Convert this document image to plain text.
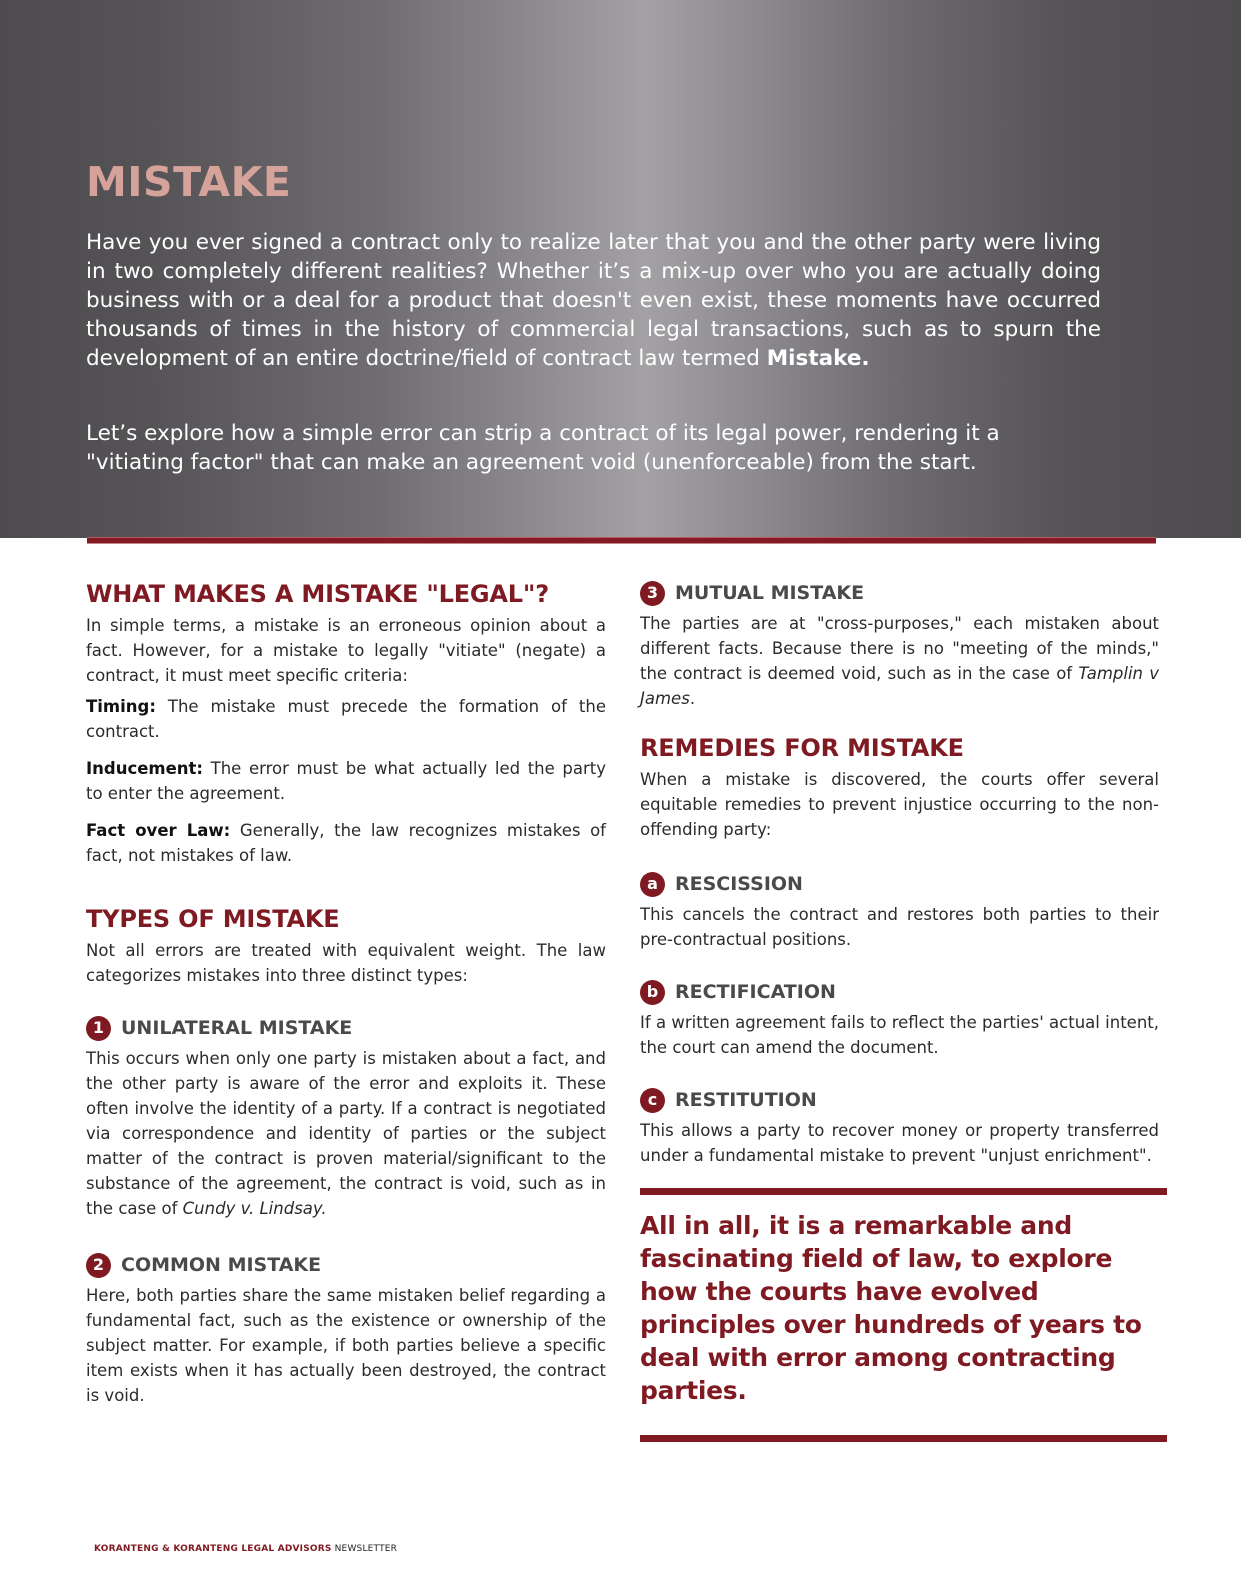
MISTAKE

Have you ever signed a contract only to realize later that you and the other party were living in two completely different realities? Whether it’s a mix-up over who you are actually doing business with or a deal for a product that doesn't even exist, these moments have occurred thousands of times in the history of commercial legal transactions, such as to spurn the development of an entire doctrine/field of contract law termed Mistake.

Let’s explore how a simple error can strip a contract of its legal power, rendering it a "vitiating factor" that can make an agreement void (unenforceable) from the start.

WHAT MAKES A MISTAKE "LEGAL"?

In simple terms, a mistake is an erroneous opinion about a fact. However, for a mistake to legally "vitiate" (negate) a contract, it must meet specific criteria:

Timing: The mistake must precede the formation of the contract.

Inducement: The error must be what actually led the party to enter the agreement.

Fact over Law: Generally, the law recognizes mistakes of fact, not mistakes of law.

TYPES OF MISTAKE

Not all errors are treated with equivalent weight. The law categorizes mistakes into three distinct types:

1 UNILATERAL MISTAKE

This occurs when only one party is mistaken about a fact, and the other party is aware of the error and exploits it. These often involve the identity of a party. If a contract is negotiated via correspondence and identity of parties or the subject matter of the contract is proven material/significant to the substance of the agreement, the contract is void, such as in the case of Cundy v. Lindsay.

2 COMMON MISTAKE

Here, both parties share the same mistaken belief regarding a fundamental fact, such as the existence or ownership of the subject matter. For example, if both parties believe a specific item exists when it has actually been destroyed, the contract is void.

3 MUTUAL MISTAKE

The parties are at "cross-purposes," each mistaken about different facts. Because there is no "meeting of the minds," the contract is deemed void, such as in the case of Tamplin v James.

REMEDIES FOR MISTAKE

When a mistake is discovered, the courts offer several equitable remedies to prevent injustice occurring to the non-offending party:

a RESCISSION

This cancels the contract and restores both parties to their pre-contractual positions.

b RECTIFICATION

If a written agreement fails to reflect the parties' actual intent, the court can amend the document.

c RESTITUTION

This allows a party to recover money or property transferred under a fundamental mistake to prevent "unjust enrichment".

All in all, it is a remarkable and fascinating field of law, to explore how the courts have evolved principles over hundreds of years to deal with error among contracting parties.

KORANTENG & KORANTENG LEGAL ADVISORS NEWSLETTER
